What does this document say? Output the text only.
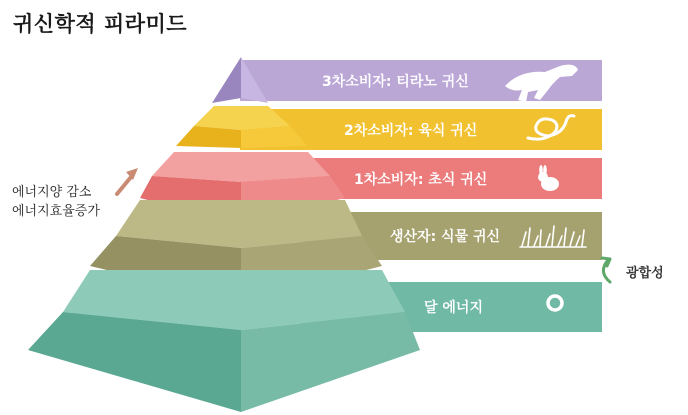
귀신학적 피라미드
3차소비자: 티라노 귀신
2차소비자: 육식 귀신
1차소비자: 초식 귀신
생산자: 식물 귀신
달 에너지
에너지양 감소
에너지효율증가
광합성
